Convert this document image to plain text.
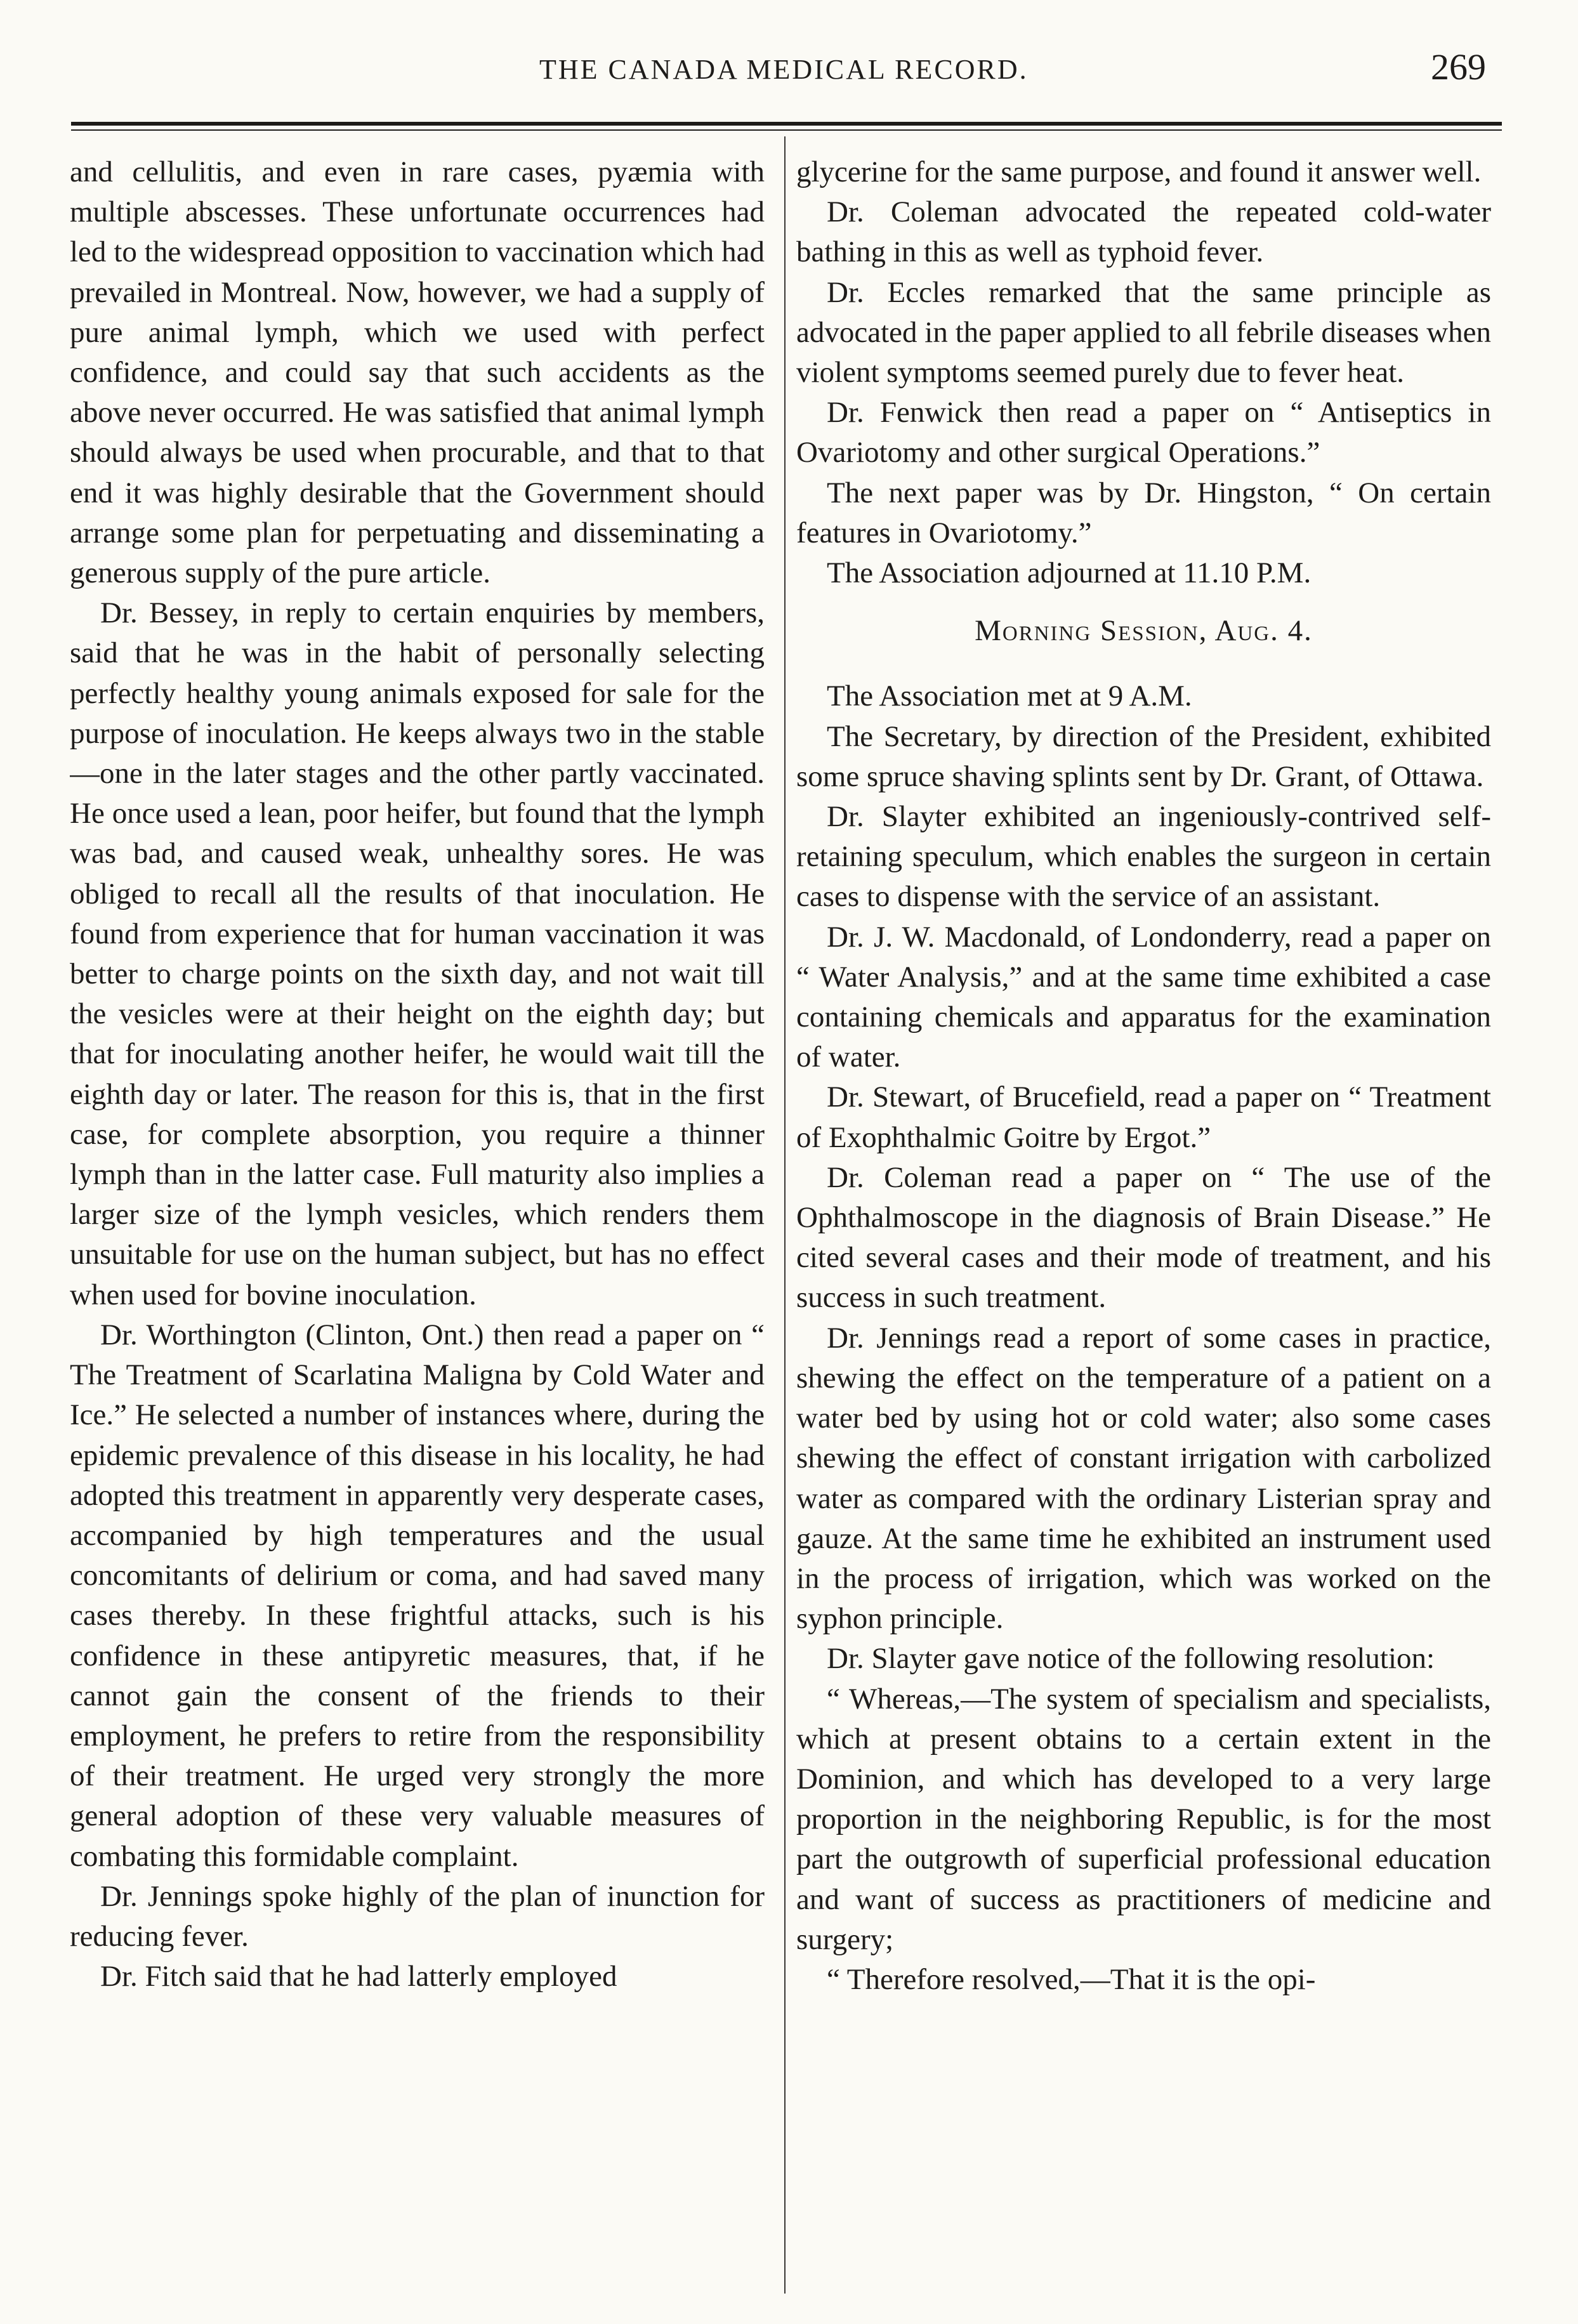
THE CANADA MEDICAL RECORD.	269

and cellulitis, and even in rare cases, pyæmia with multiple abscesses. These unfortunate occurrences had led to the widespread opposition to vaccination which had prevailed in Montreal. Now, however, we had a supply of pure animal lymph, which we used with perfect confidence, and could say that such accidents as the above never occurred. He was satisfied that animal lymph should always be used when procurable, and that to that end it was highly desirable that the Government should arrange some plan for perpetuating and disseminating a generous supply of the pure article.

Dr. Bessey, in reply to certain enquiries by members, said that he was in the habit of personally selecting perfectly healthy young animals exposed for sale for the purpose of inoculation. He keeps always two in the stable—one in the later stages and the other partly vaccinated. He once used a lean, poor heifer, but found that the lymph was bad, and caused weak, unhealthy sores. He was obliged to recall all the results of that inoculation. He found from experience that for human vaccination it was better to charge points on the sixth day, and not wait till the vesicles were at their height on the eighth day; but that for inoculating another heifer, he would wait till the eighth day or later. The reason for this is, that in the first case, for complete absorption, you require a thinner lymph than in the latter case. Full maturity also implies a larger size of the lymph vesicles, which renders them unsuitable for use on the human subject, but has no effect when used for bovine inoculation.

Dr. Worthington (Clinton, Ont.) then read a paper on “ The Treatment of Scarlatina Maligna by Cold Water and Ice.” He selected a number of instances where, during the epidemic prevalence of this disease in his locality, he had adopted this treatment in apparently very desperate cases, accompanied by high temperatures and the usual concomitants of delirium or coma, and had saved many cases thereby. In these frightful attacks, such is his confidence in these antipyretic measures, that, if he cannot gain the consent of the friends to their employment, he prefers to retire from the responsibility of their treatment. He urged very strongly the more general adoption of these very valuable measures of combating this formidable complaint.

Dr. Jennings spoke highly of the plan of inunction for reducing fever.

Dr. Fitch said that he had latterly employed

glycerine for the same purpose, and found it answer well.

Dr. Coleman advocated the repeated cold-water bathing in this as well as typhoid fever.

Dr. Eccles remarked that the same principle as advocated in the paper applied to all febrile diseases when violent symptoms seemed purely due to fever heat.

Dr. Fenwick then read a paper on “ Antiseptics in Ovariotomy and other surgical Operations.”

The next paper was by Dr. Hingston, “ On certain features in Ovariotomy.”

The Association adjourned at 11.10 P.M.

Morning Session, Aug. 4.

The Association met at 9 A.M.

The Secretary, by direction of the President, exhibited some spruce shaving splints sent by Dr. Grant, of Ottawa.

Dr. Slayter exhibited an ingeniously-contrived self-retaining speculum, which enables the surgeon in certain cases to dispense with the service of an assistant.

Dr. J. W. Macdonald, of Londonderry, read a paper on “ Water Analysis,” and at the same time exhibited a case containing chemicals and apparatus for the examination of water.

Dr. Stewart, of Brucefield, read a paper on “ Treatment of Exophthalmic Goitre by Ergot.”

Dr. Coleman read a paper on “ The use of the Ophthalmoscope in the diagnosis of Brain Disease.” He cited several cases and their mode of treatment, and his success in such treatment.

Dr. Jennings read a report of some cases in practice, shewing the effect on the temperature of a patient on a water bed by using hot or cold water; also some cases shewing the effect of constant irrigation with carbolized water as compared with the ordinary Listerian spray and gauze. At the same time he exhibited an instrument used in the process of irrigation, which was worked on the syphon principle.

Dr. Slayter gave notice of the following resolution:

“ Whereas,—The system of specialism and specialists, which at present obtains to a certain extent in the Dominion, and which has developed to a very large proportion in the neighboring Republic, is for the most part the outgrowth of superficial professional education and want of success as practitioners of medicine and surgery;

“ Therefore resolved,—That it is the opi-
